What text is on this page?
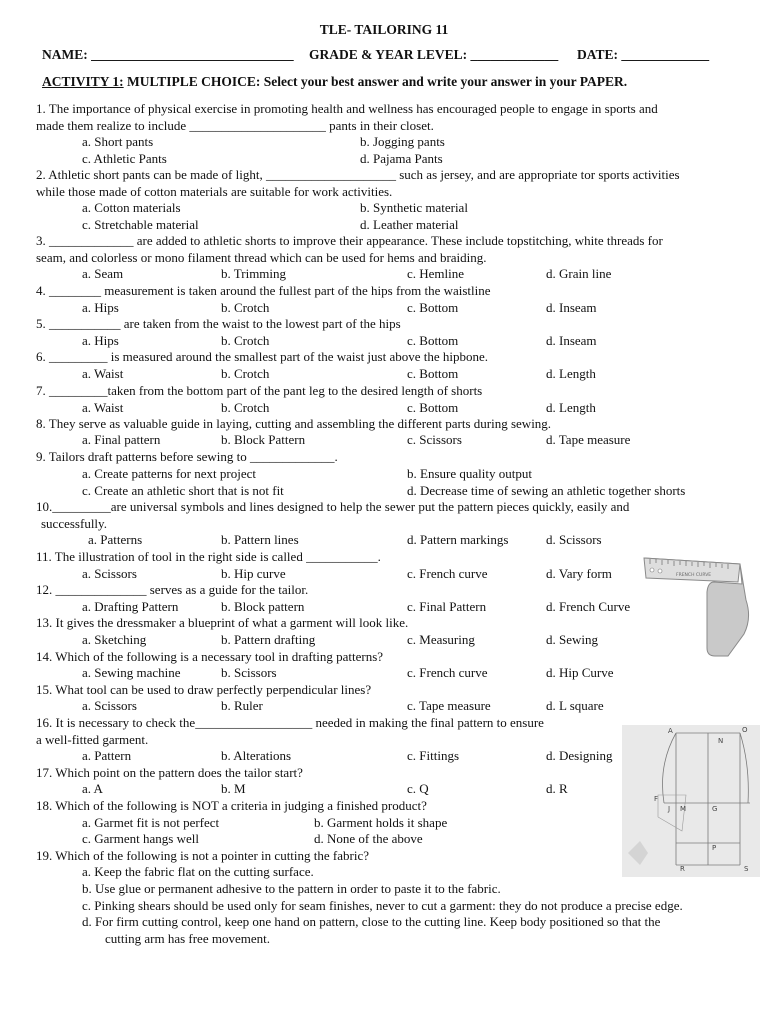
TLE- TAILORING 11
NAME: ______________________________ GRADE & YEAR LEVEL: _____________ DATE: _____________
ACTIVITY 1: MULTIPLE CHOICE: Select your best answer and write your answer in your PAPER.
1. The importance of physical exercise in promoting health and wellness has encouraged people to engage in sports and
made them realize to include _____________________ pants in their closet.
a. Short pants	b. Jogging pants
c. Athletic Pants	d. Pajama Pants
2. Athletic short pants can be made of light, ____________________ such as jersey, and are appropriate tor sports activities
while those made of cotton materials are suitable for work activities.
a. Cotton materials	b. Synthetic material
c. Stretchable material	d. Leather material
3. _____________ are added to athletic shorts to improve their appearance. These include topstitching, white threads for
seam, and colorless or mono filament thread which can be used for hems and braiding.
a. Seam	b. Trimming	c. Hemline	d. Grain line
4. ________ measurement is taken around the fullest part of the hips from the waistline
a. Hips	b. Crotch	c. Bottom	d. Inseam
5. ___________ are taken from the waist to the lowest part of the hips
a. Hips	b. Crotch	c. Bottom	d. Inseam
6. _________ is measured around the smallest part of the waist just above the hipbone.
a. Waist	b. Crotch	c. Bottom	d. Length
7. _________taken from the bottom part of the pant leg to the desired length of shorts
a. Waist	b. Crotch	c. Bottom	d. Length
8. They serve as valuable guide in laying, cutting and assembling the different parts during sewing.
a. Final pattern	b. Block Pattern	c. Scissors	d. Tape measure
9. Tailors draft patterns before sewing to _____________.
a. Create patterns for next project	b. Ensure quality output
c. Create an athletic short that is not fit	d. Decrease time of sewing an athletic together shorts
10._________are universal symbols and lines designed to help the sewer put the pattern pieces quickly, easily and
successfully.
a. Patterns	b. Pattern lines	d. Pattern markings	d. Scissors
11. The illustration of tool in the right side is called ___________.
a. Scissors	b. Hip curve	c. French curve	d. Vary form
12. ______________ serves as a guide for the tailor.
a. Drafting Pattern	b. Block pattern	c. Final Pattern	d. French Curve
13. It gives the dressmaker a blueprint of what a garment will look like.
a. Sketching	b. Pattern drafting	c. Measuring	d. Sewing
14. Which of the following is a necessary tool in drafting patterns?
a. Sewing machine	b. Scissors	c. French curve	d. Hip Curve
15. What tool can be used to draw perfectly perpendicular lines?
a. Scissors	b. Ruler	c. Tape measure	d. L square
16. It is necessary to check the__________________ needed in making the final pattern to ensure
a well-fitted garment.
a. Pattern	b. Alterations	c. Fittings	d. Designing
17. Which point on the pattern does the tailor start?
a. A	b. M	c. Q	d. R
18. Which of the following is NOT a criteria in judging a finished product?
a. Garmet fit is not perfect	b. Garment holds it shape
c. Garment hangs well	d. None of the above
19. Which of the following is not a pointer in cutting the fabric?
a. Keep the fabric flat on the cutting surface.
b. Use glue or permanent adhesive to the pattern in order to paste it to the fabric.
c. Pinking shears should be used only for seam finishes, never to cut a garment: they do not produce a precise edge.
d. For firm cutting control, keep one hand on pattern, close to the cutting line. Keep body positioned so that the
cutting arm has free movement.
FRENCH CURVE
A	O
N
F
J M	G
P
R	S
